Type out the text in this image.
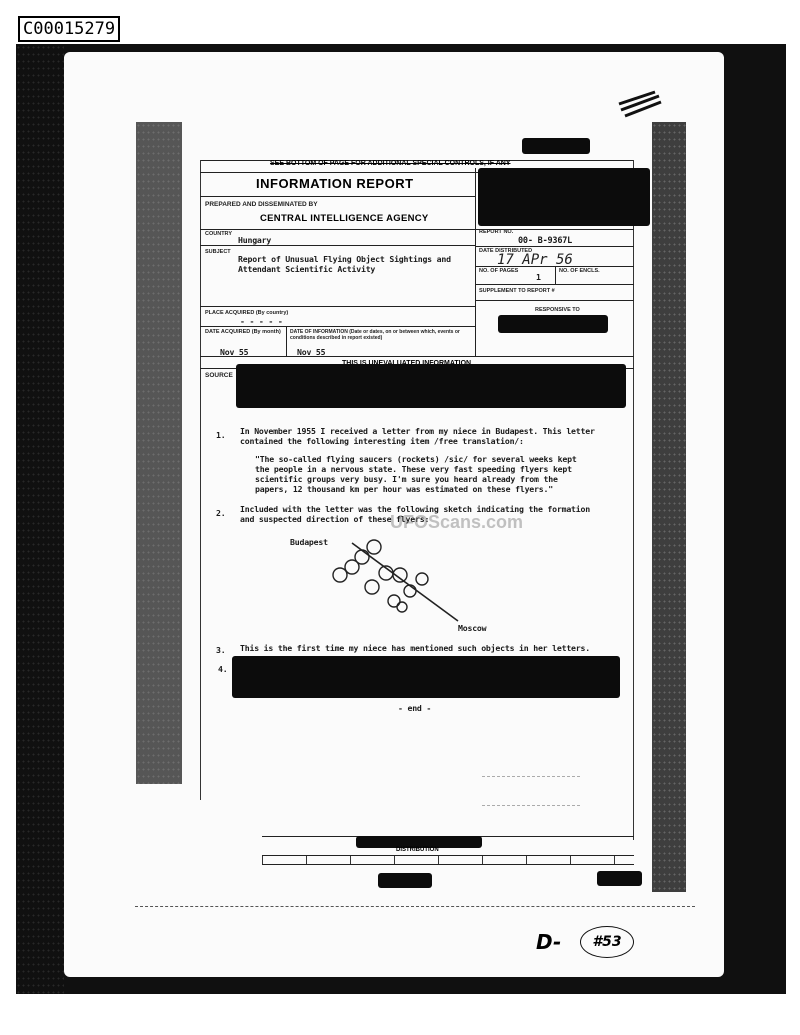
C00015279
SEE BOTTOM OF PAGE FOR ADDITIONAL SPECIAL CONTROLS, IF ANY
INFORMATION REPORT
PREPARED AND DISSEMINATED BY
CENTRAL INTELLIGENCE AGENCY
COUNTRY
Hungary
SUBJECT
Report of Unusual Flying Object Sightings and
Attendant Scientific Activity
REPORT NO.
00- B-9367L
DATE DISTRIBUTED
17 APr 56
NO. OF PAGES
1
NO. OF ENCLS.
SUPPLEMENT TO REPORT #
RESPONSIVE TO
PLACE ACQUIRED (By country)
- - - - -
DATE ACQUIRED (By month)
Nov 55
DATE OF INFORMATION (Date or dates, on or between which, events or conditions described in report existed)
Nov 55
SOURCE
1. In November 1955 I received a letter from my niece in Budapest. This letter
contained the following interesting item /free translation/:
"The so-called flying saucers (rockets) /sic/ for several weeks kept
the people in a nervous state. These very fast speeding flyers kept
scientific groups very busy. I'm sure you heard already from the
papers, 12 thousand km per hour was estimated on these flyers."
2. Included with the letter was the following sketch indicating the formation
and suspected direction of these flyers:
UFOScans.com
Budapest
Moscow
3. This is the first time my niece has mentioned such objects in her letters.
4.
- end -
DISTRIBUTION
D-	#53
